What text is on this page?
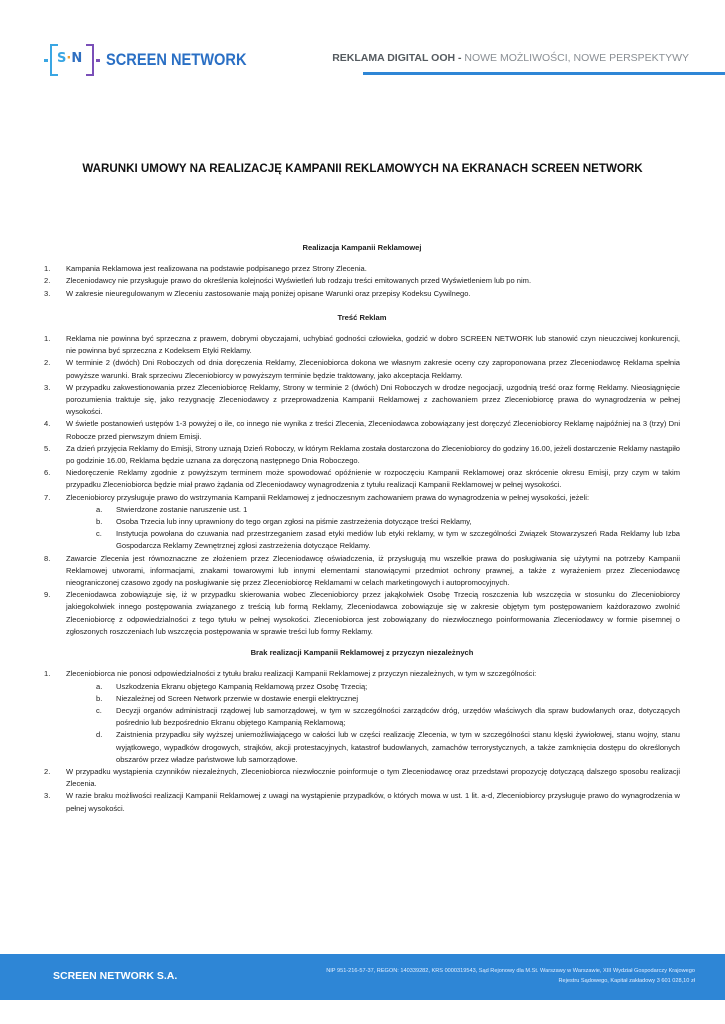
S·N SCREEN NETWORK	REKLAMA DIGITAL OOH - NOWE MOŻLIWOŚCI, NOWE PERSPEKTYWY
WARUNKI UMOWY NA REALIZACJĘ KAMPANII REKLAMOWYCH NA EKRANACH SCREEN NETWORK
Realizacja Kampanii Reklamowej
1.	Kampania Reklamowa jest realizowana na podstawie podpisanego przez Strony Zlecenia.
2.	Zleceniodawcy nie przysługuje prawo do określenia kolejności Wyświetleń lub rodzaju treści emitowanych przed Wyświetleniem lub po nim.
3.	W zakresie nieuregulowanym w Zleceniu zastosowanie mają poniżej opisane Warunki oraz przepisy Kodeksu Cywilnego.
Treść Reklam
1.	Reklama nie powinna być sprzeczna z prawem, dobrymi obyczajami, uchybiać godności człowieka, godzić w dobro SCREEN NETWORK lub stanowić czyn nieuczciwej konkurencji, nie powinna być sprzeczna z Kodeksem Etyki Reklamy.
2.	W terminie 2 (dwóch) Dni Roboczych od dnia doręczenia Reklamy, Zleceniobiorca dokona we własnym zakresie oceny czy zaproponowana przez Zleceniodawcę Reklama spełnia powyższe warunki. Brak sprzeciwu Zleceniobiorcy w powyższym terminie będzie traktowany, jako akceptacja Reklamy.
3.	W przypadku zakwestionowania przez Zleceniobiorcę Reklamy, Strony w terminie 2 (dwóch) Dni Roboczych w drodze negocjacji, uzgodnią treść oraz formę Reklamy. Nieosiągnięcie porozumienia traktuje się, jako rezygnację Zleceniodawcy z przeprowadzenia Kampanii Reklamowej z zachowaniem przez Zleceniobiorcę prawa do wynagrodzenia w pełnej wysokości.
4.	W świetle postanowień ustępów 1-3 powyżej o ile, co innego nie wynika z treści Zlecenia, Zleceniodawca zobowiązany jest doręczyć Zleceniobiorcy Reklamę najpóźniej na 3 (trzy) Dni Robocze przed pierwszym dniem Emisji.
5.	Za dzień przyjęcia Reklamy do Emisji, Strony uznają Dzień Roboczy, w którym Reklama została dostarczona do Zleceniobiorcy do godziny 16.00, jeżeli dostarczenie Reklamy nastąpiło po godzinie 16.00, Reklama będzie uznana za doręczoną następnego Dnia Roboczego.
6.	Niedoręczenie Reklamy zgodnie z powyższym terminem może spowodować opóźnienie w rozpoczęciu Kampanii Reklamowej oraz skrócenie okresu Emisji, przy czym w takim przypadku Zleceniobiorca będzie miał prawo żądania od Zleceniodawcy wynagrodzenia z tytułu realizacji Kampanii Reklamowej w pełnej wysokości.
7.	Zleceniobiorcy przysługuje prawo do wstrzymania Kampanii Reklamowej z jednoczesnym zachowaniem prawa do wynagrodzenia w pełnej wysokości, jeżeli:
a. Stwierdzone zostanie naruszenie ust. 1
b. Osoba Trzecia lub inny uprawniony do tego organ zgłosi na piśmie zastrzeżenia dotyczące treści Reklamy,
c. Instytucja powołana do czuwania nad przestrzeganiem zasad etyki mediów lub etyki reklamy, w tym w szczególności Związek Stowarzyszeń Rada Reklamy lub Izba Gospodarcza Reklamy Zewnętrznej zgłosi zastrzeżenia dotyczące Reklamy.
8.	Zawarcie Zlecenia jest równoznaczne ze złożeniem przez Zleceniodawcę oświadczenia, iż przysługują mu wszelkie prawa do posługiwania się użytymi na potrzeby Kampanii Reklamowej utworami, informacjami, znakami towarowymi lub innymi elementami stanowiącymi przedmiot ochrony prawnej, a także z wyrażeniem przez Zleceniodawcę nieograniczonej czasowo zgody na posługiwanie się przez Zleceniobiorcę Reklamami w celach marketingowych i autopromocyjnych.
9.	Zleceniodawca zobowiązuje się, iż w przypadku skierowania wobec Zleceniobiorcy przez jakąkolwiek Osobę Trzecią roszczenia lub wszczęcia w stosunku do Zleceniobiorcy jakiegokolwiek innego postępowania związanego z treścią lub formą Reklamy, Zleceniodawca zobowiązuje się w zakresie objętym tym postępowaniem każdorazowo zwolnić Zleceniobiorcę z odpowiedzialności z tego tytułu w pełnej wysokości. Zleceniobiorca jest zobowiązany do niezwłocznego poinformowania Zleceniodawcy w formie pisemnej o zgłoszonych roszczeniach lub wszczęcia postępowania w sprawie treści lub formy Reklamy.
Brak realizacji Kampanii Reklamowej z przyczyn niezależnych
1.	Zleceniobiorca nie ponosi odpowiedzialności z tytułu braku realizacji Kampanii Reklamowej z przyczyn niezależnych, w tym w szczególności:
a. Uszkodzenia Ekranu objętego Kampanią Reklamową przez Osobę Trzecią;
b. Niezależnej od Screen Network przerwie w dostawie energii elektrycznej
c. Decyzji organów administracji rządowej lub samorządowej, w tym w szczególności zarządców dróg, urzędów właściwych dla spraw budowlanych oraz, dotyczących pośrednio lub bezpośrednio Ekranu objętego Kampanią Reklamową;
d. Zaistnienia przypadku siły wyższej uniemożliwiającego w całości lub w części realizację Zlecenia, w tym w szczególności stanu klęski żywiołowej, stanu wojny, stanu wyjątkowego, wypadków drogowych, strajków, akcji protestacyjnych, katastrof budowlanych, zamachów terrorystycznych, a także zamknięcia dostępu do określonych obszarów przez władze państwowe lub samorządowe.
2.	W przypadku wystąpienia czynników niezależnych, Zleceniobiorca niezwłocznie poinformuje o tym Zleceniodawcę oraz przedstawi propozycję dotyczącą dalszego sposobu realizacji Zlecenia.
3.	W razie braku możliwości realizacji Kampanii Reklamowej z uwagi na wystąpienie przypadków, o których mowa w ust. 1 lit. a-d, Zleceniobiorcy przysługuje prawo do wynagrodzenia w pełnej wysokości.
SCREEN NETWORK S.A.	NIP 951-216-57-37, REGON: 140339282, KRS 0000319543, Sąd Rejonowy dla M.St. Warszawy w Warszawie, XIII Wydział Gospodarczy Krajowego
Rejestru Sądowego, Kapitał zakładowy 3 601 028,10 zł
